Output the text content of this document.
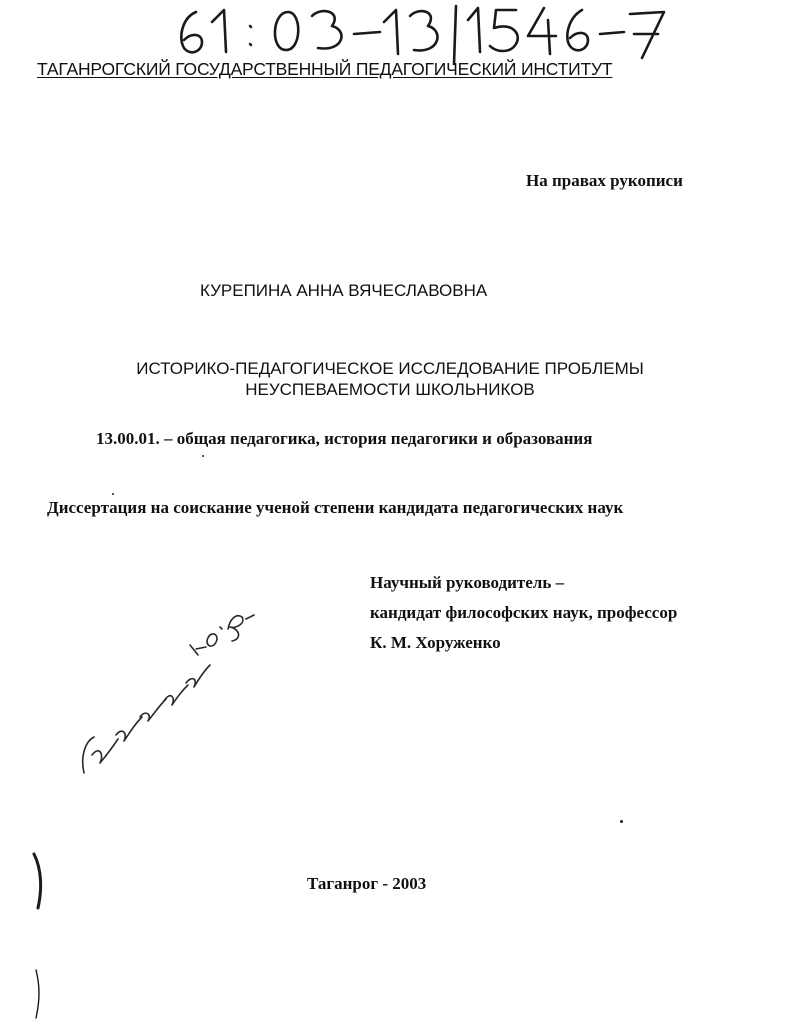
ТАГАНРОГСКИЙ ГОСУДАРСТВЕННЫЙ ПЕДАГОГИЧЕСКИЙ ИНСТИТУТ
На правах рукописи
КУРЕПИНА АННА ВЯЧЕСЛАВОВНА
ИСТОРИКО-ПЕДАГОГИЧЕСКОЕ ИССЛЕДОВАНИЕ ПРОБЛЕМЫ
НЕУСПЕВАЕМОСТИ ШКОЛЬНИКОВ
13.00.01. – общая педагогика, история педагогики и образования
Диссертация на соискание ученой степени кандидата педагогических наук
Научный руководитель –
кандидат философских наук, профессор
К. М. Хоруженко
Таганрог - 2003
